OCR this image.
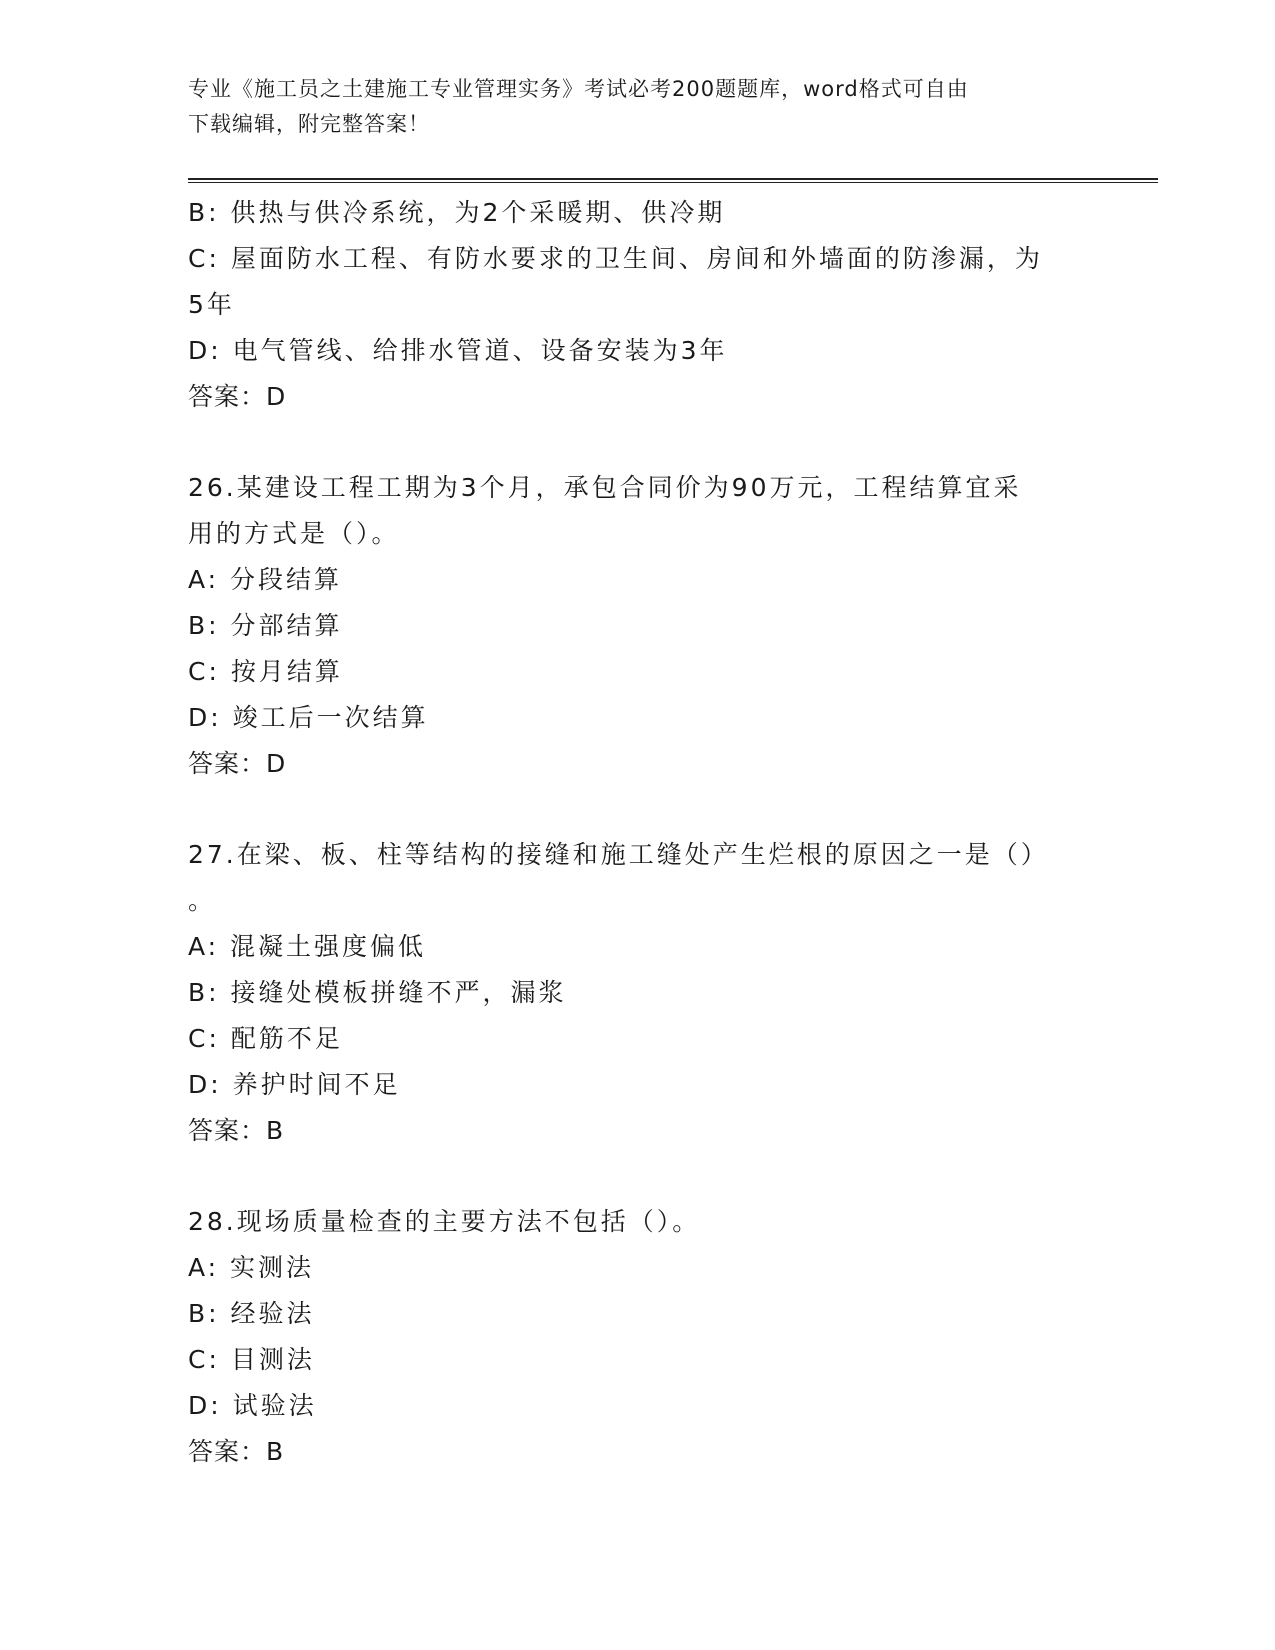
专业《施工员之土建施工专业管理实务》考试必考200题题库，word格式可自由
下载编辑，附完整答案！
B: 供热与供冷系统，为2个采暖期、供冷期
C: 屋面防水工程、有防水要求的卫生间、房间和外墙面的防渗漏，为
5年
D: 电气管线、给排水管道、设备安装为3年
答案：D
26.某建设工程工期为3个月，承包合同价为90万元，工程结算宜采
用的方式是（）。
A: 分段结算
B: 分部结算
C: 按月结算
D: 竣工后一次结算
答案：D
27.在梁、板、柱等结构的接缝和施工缝处产生烂根的原因之一是（）
。
A: 混凝土强度偏低
B: 接缝处模板拼缝不严，漏浆
C: 配筋不足
D: 养护时间不足
答案：B
28.现场质量检查的主要方法不包括（）。
A: 实测法
B: 经验法
C: 目测法
D: 试验法
答案：B
